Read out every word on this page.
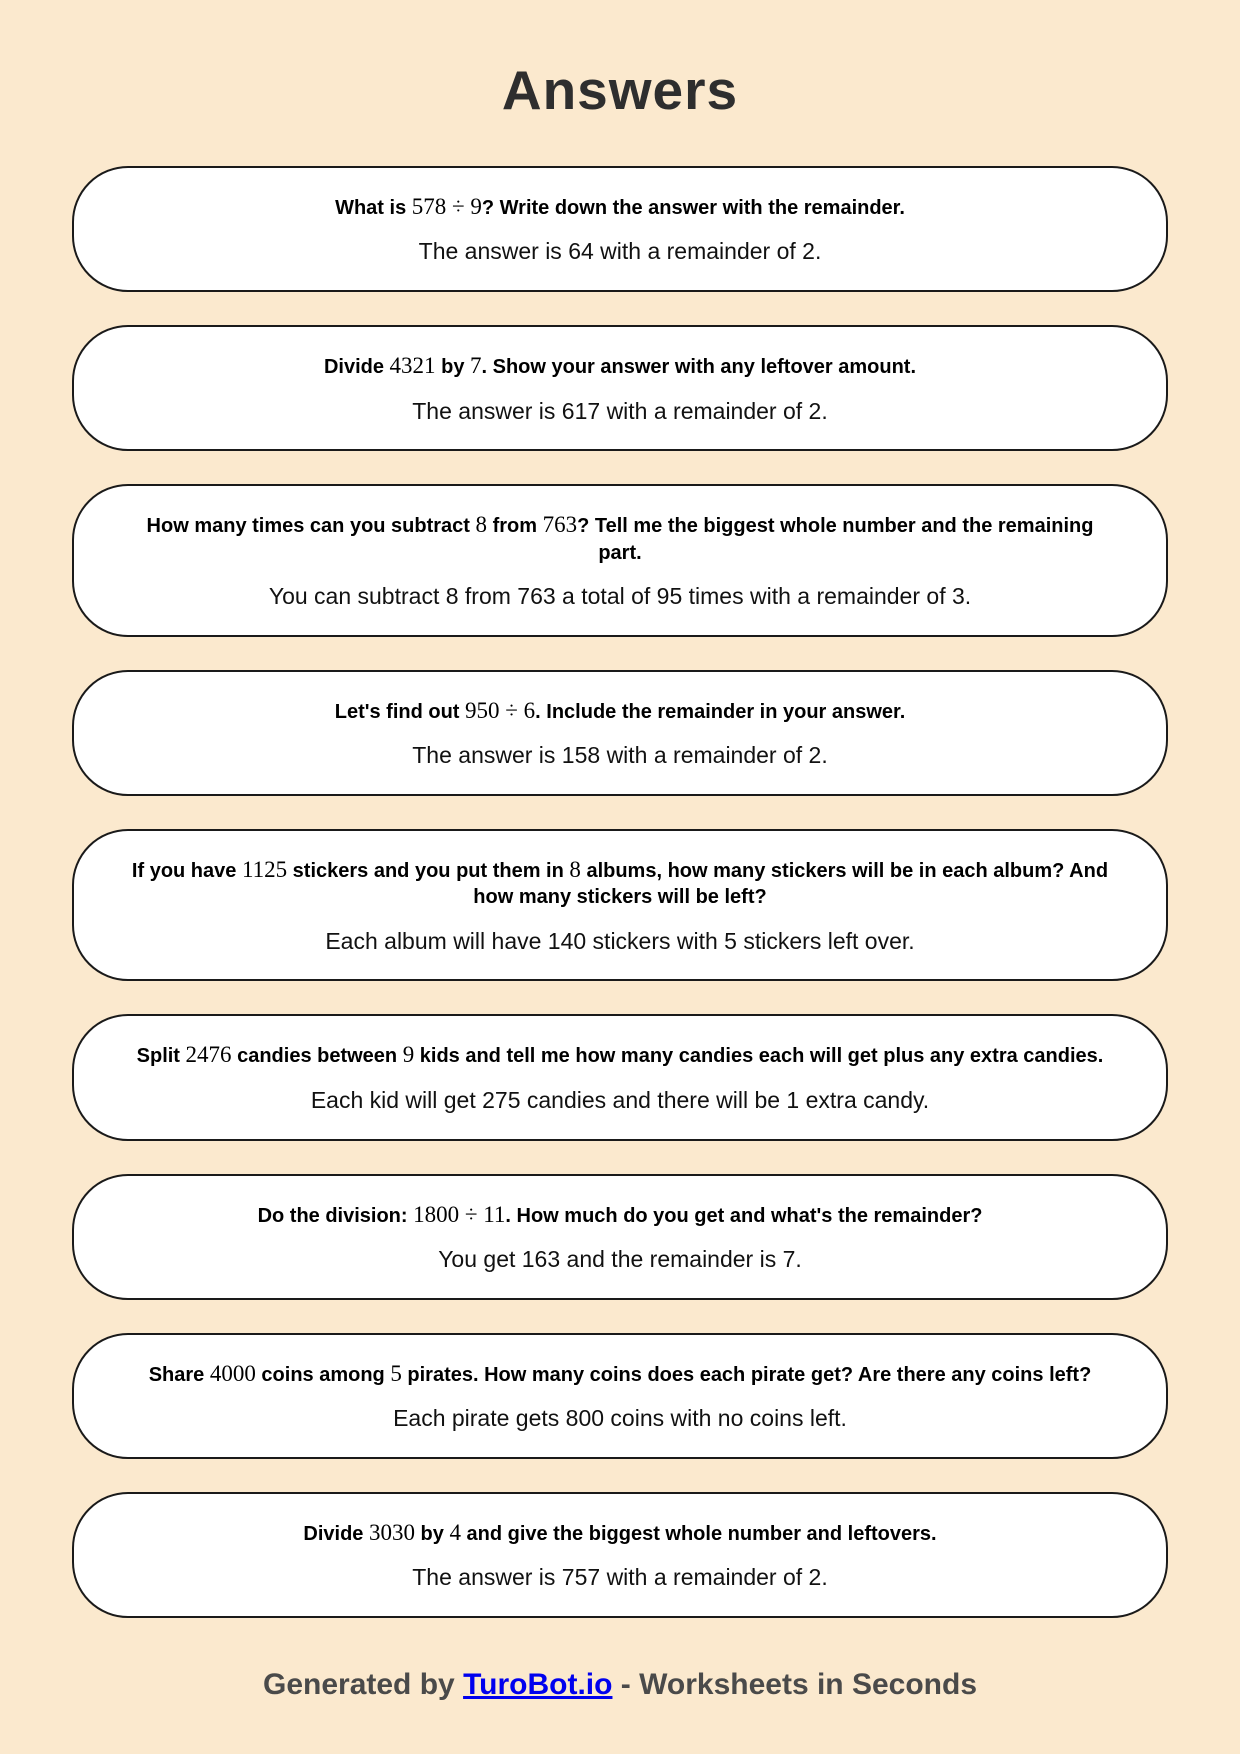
Answers

What is 578 ÷ 9? Write down the answer with the remainder.

The answer is 64 with a remainder of 2.

Divide 4321 by 7. Show your answer with any leftover amount.

The answer is 617 with a remainder of 2.

How many times can you subtract 8 from 763? Tell me the biggest whole number and the remaining part.

You can subtract 8 from 763 a total of 95 times with a remainder of 3.

Let's find out 950 ÷ 6. Include the remainder in your answer.

The answer is 158 with a remainder of 2.

If you have 1125 stickers and you put them in 8 albums, how many stickers will be in each album? And how many stickers will be left?

Each album will have 140 stickers with 5 stickers left over.

Split 2476 candies between 9 kids and tell me how many candies each will get plus any extra candies.

Each kid will get 275 candies and there will be 1 extra candy.

Do the division: 1800 ÷ 11. How much do you get and what's the remainder?

You get 163 and the remainder is 7.

Share 4000 coins among 5 pirates. How many coins does each pirate get? Are there any coins left?

Each pirate gets 800 coins with no coins left.

Divide 3030 by 4 and give the biggest whole number and leftovers.

The answer is 757 with a remainder of 2.

Generated by TuroBot.io - Worksheets in Seconds
